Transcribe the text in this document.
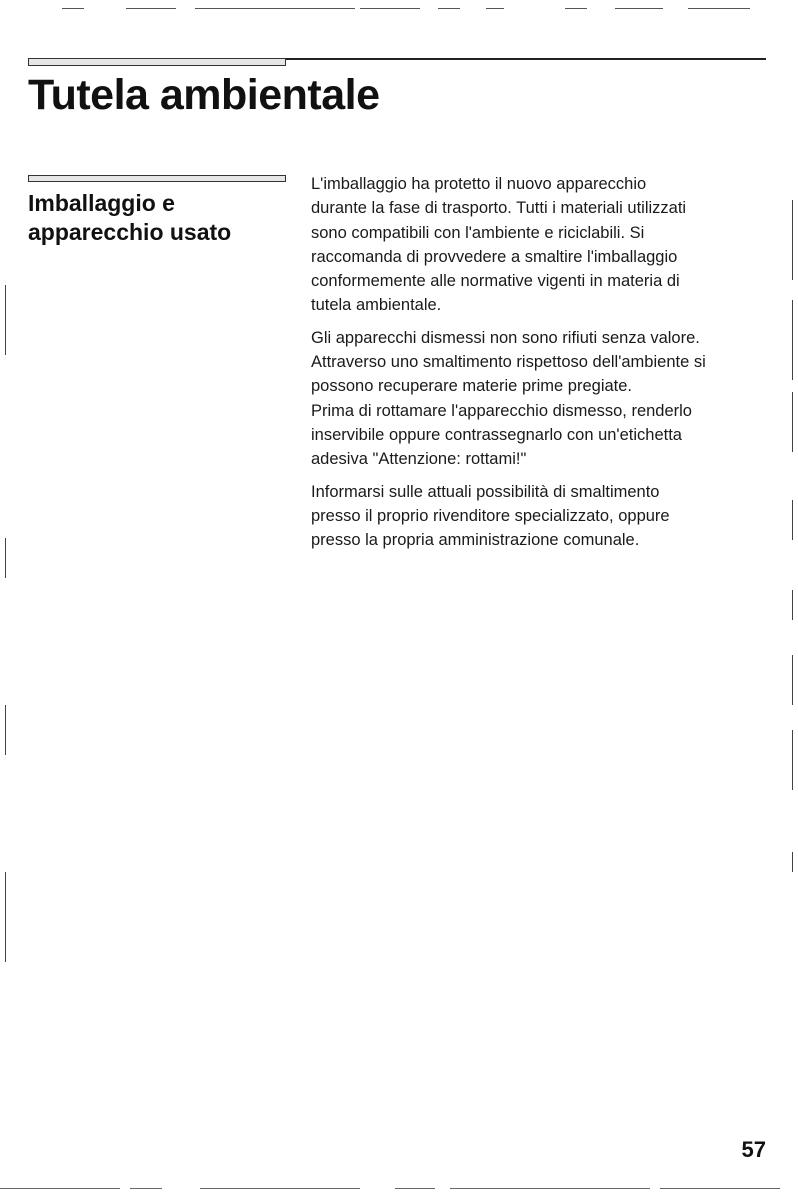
Tutela ambientale
Imballaggio e
apparecchio usato

L'imballaggio ha protetto il nuovo apparecchio
durante la fase di trasporto. Tutti i materiali utilizzati
sono compatibili con l'ambiente e riciclabili. Si
raccomanda di provvedere a smaltire l'imballaggio
conformemente alle normative vigenti in materia di
tutela ambientale.

Gli apparecchi dismessi non sono rifiuti senza valore.
Attraverso uno smaltimento rispettoso dell'ambiente si
possono recuperare materie prime pregiate.
Prima di rottamare l'apparecchio dismesso, renderlo
inservibile oppure contrassegnarlo con un'etichetta
adesiva "Attenzione: rottami!"

Informarsi sulle attuali possibilità di smaltimento
presso il proprio rivenditore specializzato, oppure
presso la propria amministrazione comunale.

57
